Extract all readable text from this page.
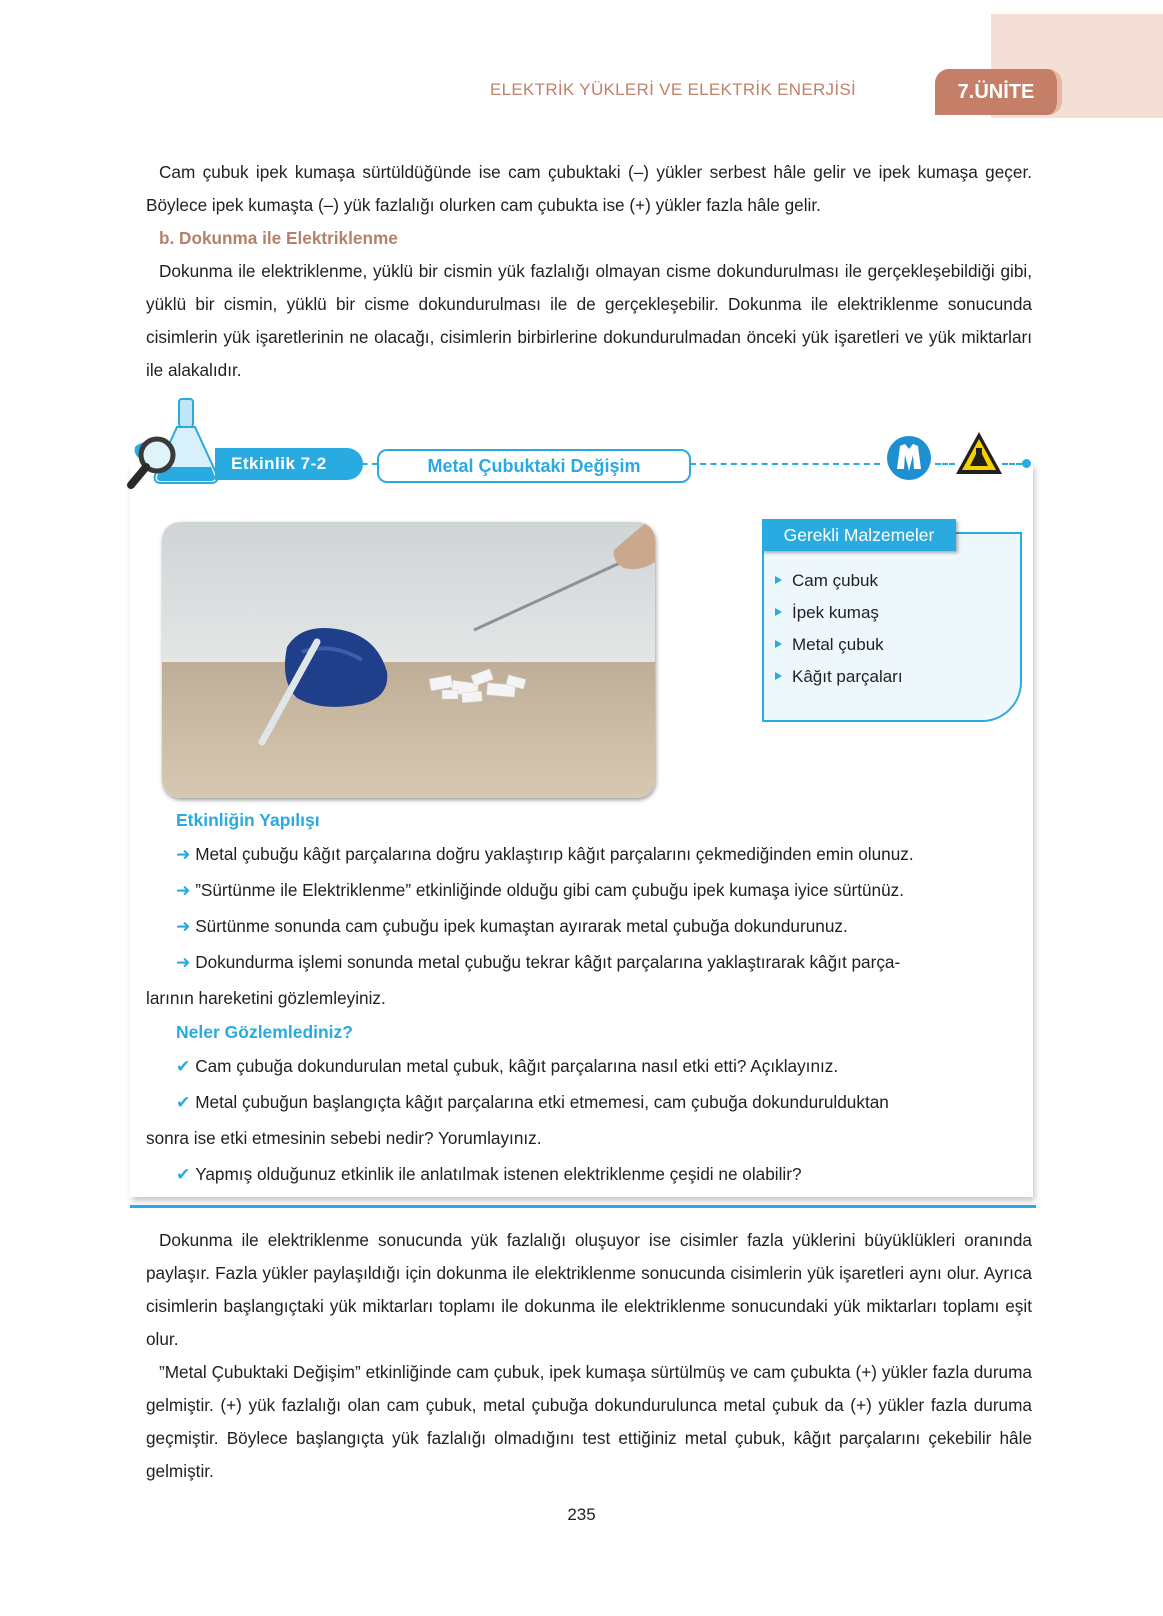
ELEKTRİK YÜKLERİ VE ELEKTRİK ENERJİSİ	7.ÜNİTE

Cam çubuk ipek kumaşa sürtüldüğünde ise cam çubuktaki (–) yükler serbest hâle gelir ve ipek kumaşa geçer. Böylece ipek kumaşta (–) yük fazlalığı olurken cam çubukta ise (+) yükler fazla hâle gelir.

b. Dokunma ile Elektriklenme

Dokunma ile elektriklenme, yüklü bir cismin yük fazlalığı olmayan cisme dokundurulması ile gerçekleşebildiği gibi, yüklü bir cismin, yüklü bir cisme dokundurulması ile de gerçekleşebilir. Dokunma ile elektriklenme sonucunda cisimlerin yük işaretlerinin ne olacağı, cisimlerin birbirlerine dokundurulmadan önceki yük işaretleri ve yük miktarları ile alakalıdır.

Etkinlik 7-2	Metal Çubuktaki Değişim
Gerekli Malzemeler
Cam çubuk
İpek kumaş
Metal çubuk
Kâğıt parçaları
Etkinliğin Yapılışı

➜ Metal çubuğu kâğıt parçalarına doğru yaklaştırıp kâğıt parçalarını çekmediğinden emin olunuz.

➜ ”Sürtünme ile Elektriklenme” etkinliğinde olduğu gibi cam çubuğu ipek kumaşa iyice sürtünüz.

➜ Sürtünme sonunda cam çubuğu ipek kumaştan ayırarak metal çubuğa dokundurunuz.

➜ Dokundurma işlemi sonunda metal çubuğu tekrar kâğıt parçalarına yaklaştırarak kâğıt parça-

larının hareketini gözlemleyiniz.

Neler Gözlemlediniz?

✔ Cam çubuğa dokundurulan metal çubuk, kâğıt parçalarına nasıl etki etti? Açıklayınız.

✔ Metal çubuğun başlangıçta kâğıt parçalarına etki etmemesi, cam çubuğa dokundurulduktan

sonra ise etki etmesinin sebebi nedir? Yorumlayınız.

✔ Yapmış olduğunuz etkinlik ile anlatılmak istenen elektriklenme çeşidi ne olabilir?

Dokunma ile elektriklenme sonucunda yük fazlalığı oluşuyor ise cisimler fazla yüklerini büyüklükleri oranında paylaşır. Fazla yükler paylaşıldığı için dokunma ile elektriklenme sonucunda cisimlerin yük işaretleri aynı olur. Ayrıca cisimlerin başlangıçtaki yük miktarları toplamı ile dokunma ile elektriklenme sonucundaki yük miktarları toplamı eşit olur.

”Metal Çubuktaki Değişim” etkinliğinde cam çubuk, ipek kumaşa sürtülmüş ve cam çubukta (+) yükler fazla duruma gelmiştir. (+) yük fazlalığı olan cam çubuk, metal çubuğa dokundurulunca metal çubuk da (+) yükler fazla duruma geçmiştir. Böylece başlangıçta yük fazlalığı olmadığını test ettiğiniz metal çubuk, kâğıt parçalarını çekebilir hâle gelmiştir.

235
